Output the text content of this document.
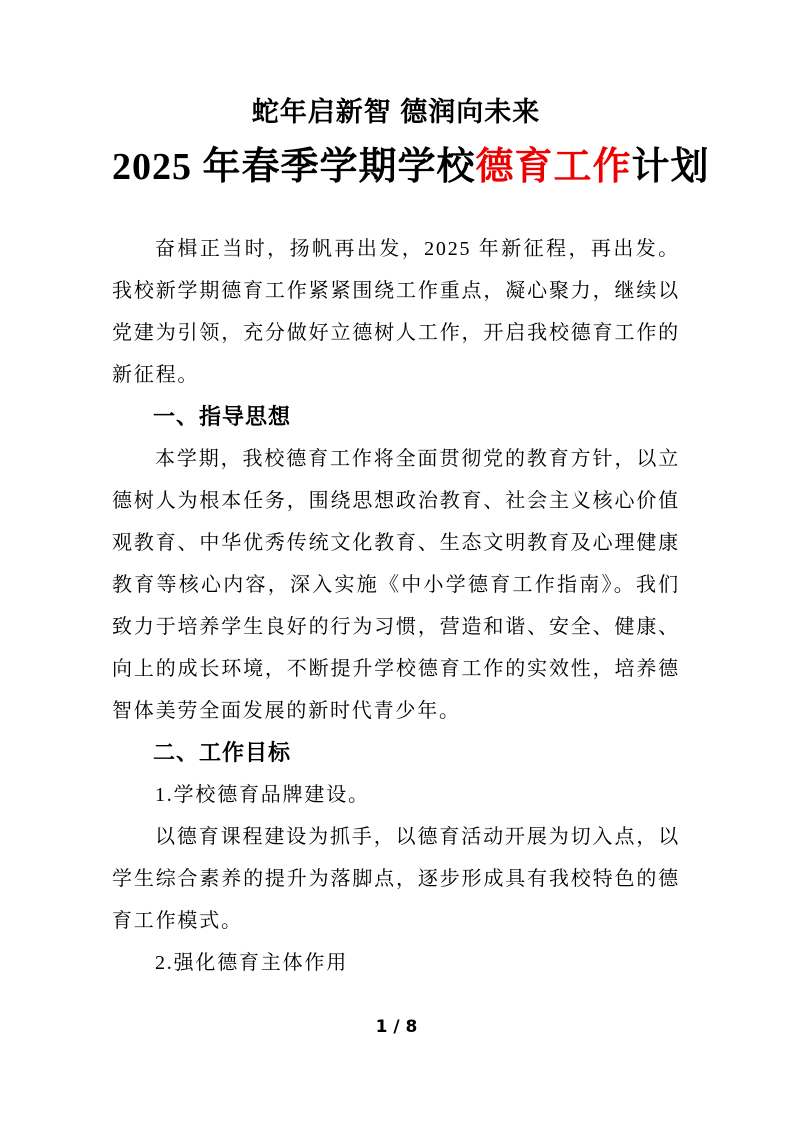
蛇年启新智 德润向未来
2025 年春季学期学校德育工作计划

奋楫正当时，扬帆再出发，2025 年新征程，再出发。我校新学期德育工作紧紧围绕工作重点，凝心聚力，继续以党建为引领，充分做好立德树人工作，开启我校德育工作的新征程。

一、指导思想

本学期，我校德育工作将全面贯彻党的教育方针，以立德树人为根本任务，围绕思想政治教育、社会主义核心价值观教育、中华优秀传统文化教育、生态文明教育及心理健康教育等核心内容，深入实施《中小学德育工作指南》。我们致力于培养学生良好的行为习惯，营造和谐、安全、健康、向上的成长环境，不断提升学校德育工作的实效性，培养德智体美劳全面发展的新时代青少年。

二、工作目标
1.学校德育品牌建设。

以德育课程建设为抓手，以德育活动开展为切入点，以学生综合素养的提升为落脚点，逐步形成具有我校特色的德育工作模式。

2.强化德育主体作用
1 / 8
